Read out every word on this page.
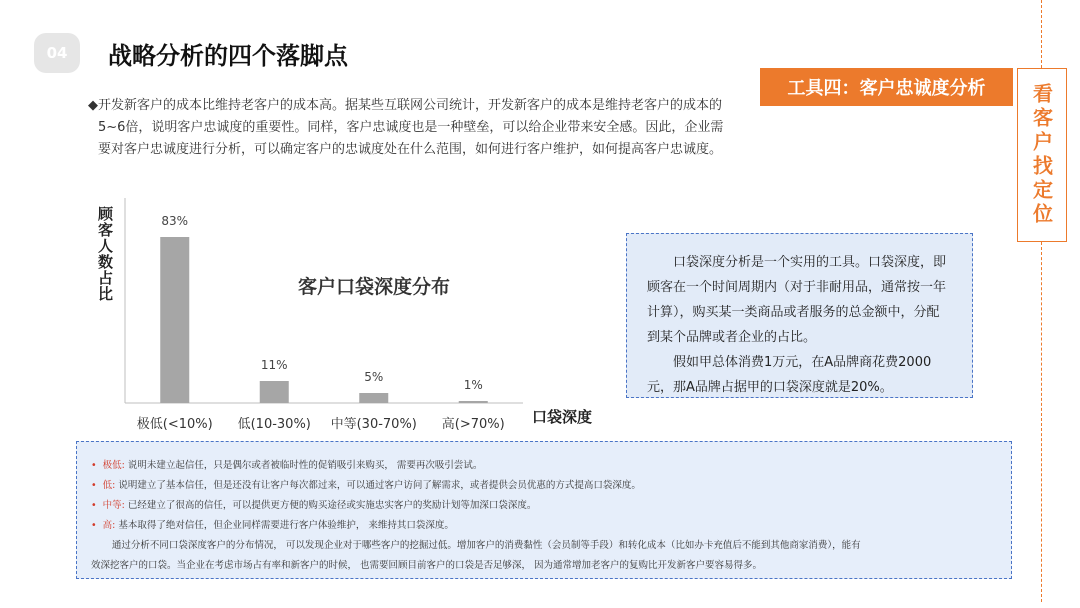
04	战略分析的四个落脚点
工具四：客户忠诚度分析	看客户找定位
◆开发新客户的成本比维持老客户的成本高。据某些互联网公司统计，开发新客户的成本是维持老客户的成本的

5~6倍，说明客户忠诚度的重要性。同样，客户忠诚度也是一种壁垒，可以给企业带来安全感。因此，企业需
要对客户忠诚度进行分析，可以确定客户的忠诚度处在什么范围，如何进行客户维护，如何提高客户忠诚度。
顾客人数占比	83%
极低(<10%)
11%
低(10-30%)
5%
中等(30-70%)
1%
高(>70%)
客户口袋深度分布
口袋深度

口袋深度分析是一个实用的工具。口袋深度，即顾客在一个时间周期内（对于非耐用品，通常按一年计算），购买某一类商品或者服务的总金额中，分配到某个品牌或者企业的占比。

假如甲总体消费1万元，在A品牌商花费2000元，那A品牌占据甲的口袋深度就是20%。

• 极低: 说明未建立起信任，只是偶尔或者被临时性的促销吸引来购买， 需要再次吸引尝试。
• 低: 说明建立了基本信任，但是还没有让客户每次都过来，可以通过客户访问了解需求，或者提供会员优惠的方式提高口袋深度。
• 中等: 已经建立了很高的信任，可以提供更方便的购买途径或实施忠实客户的奖励计划等加深口袋深度。
• 高: 基本取得了绝对信任，但企业同样需要进行客户体验维护， 来维持其口袋深度。
通过分析不同口袋深度客户的分布情况， 可以发现企业对于哪些客户的挖掘过低。增加客户的消费黏性（会员制等手段）和转化成本（比如办卡充值后不能到其他商家消费），能有
效深挖客户的口袋。当企业在考虑市场占有率和新客户的时候， 也需要回顾目前客户的口袋是否足够深， 因为通常增加老客户的复购比开发新客户要容易得多。
